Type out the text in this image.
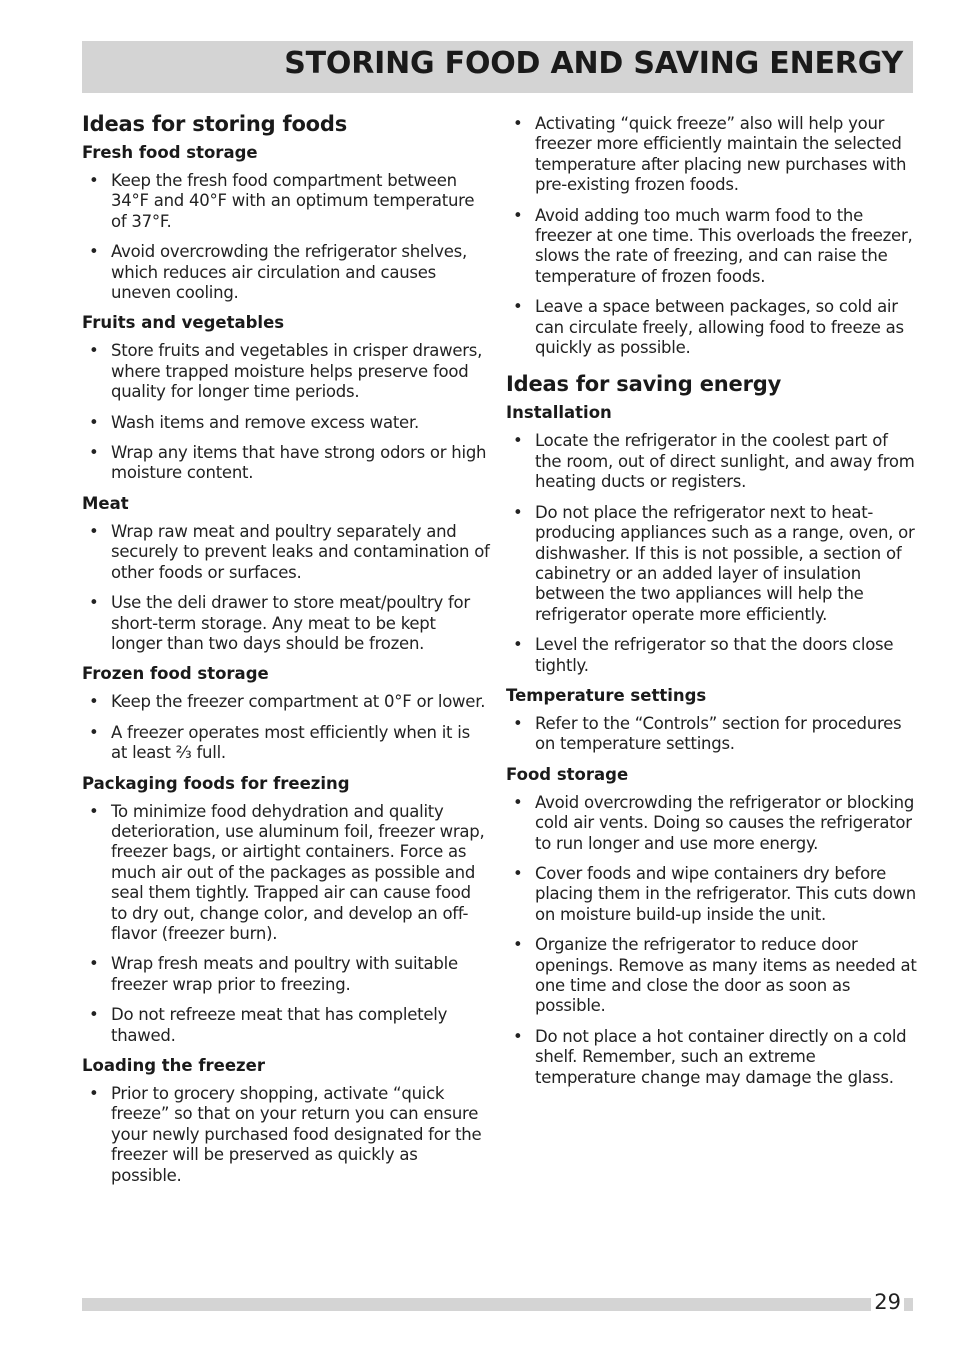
STORING FOOD AND SAVING ENERGY
Ideas for storing foods
Fresh food storage
• Keep the fresh food compartment between 34°F and 40°F with an optimum temperature of 37°F.
• Avoid overcrowding the refrigerator shelves, which reduces air circulation and causes uneven cooling.
Fruits and vegetables
• Store fruits and vegetables in crisper drawers, where trapped moisture helps preserve food quality for longer time periods.
• Wash items and remove excess water.
• Wrap any items that have strong odors or high moisture content.
Meat
• Wrap raw meat and poultry separately and securely to prevent leaks and contamination of other foods or surfaces.
• Use the deli drawer to store meat/poultry for short-term storage. Any meat to be kept longer than two days should be frozen.
Frozen food storage
• Keep the freezer compartment at 0°F or lower.
• A freezer operates most efficiently when it is at least ⅔ full.
Packaging foods for freezing
• To minimize food dehydration and quality deterioration, use aluminum foil, freezer wrap, freezer bags, or airtight containers. Force as much air out of the packages as possible and seal them tightly. Trapped air can cause food to dry out, change color, and develop an off-flavor (freezer burn).
• Wrap fresh meats and poultry with suitable freezer wrap prior to freezing.
• Do not refreeze meat that has completely thawed.
Loading the freezer
• Prior to grocery shopping, activate “quick freeze” so that on your return you can ensure your newly purchased food designated for the freezer will be preserved as quickly as possible.
• Activating “quick freeze” also will help your freezer more efficiently maintain the selected temperature after placing new purchases with pre-existing frozen foods.
• Avoid adding too much warm food to the freezer at one time. This overloads the freezer, slows the rate of freezing, and can raise the temperature of frozen foods.
• Leave a space between packages, so cold air can circulate freely, allowing food to freeze as quickly as possible.
Ideas for saving energy
Installation
• Locate the refrigerator in the coolest part of the room, out of direct sunlight, and away from heating ducts or registers.
• Do not place the refrigerator next to heat-producing appliances such as a range, oven, or dishwasher. If this is not possible, a section of cabinetry or an added layer of insulation between the two appliances will help the refrigerator operate more efficiently.
• Level the refrigerator so that the doors close tightly.
Temperature settings
• Refer to the “Controls” section for procedures on temperature settings.
Food storage
• Avoid overcrowding the refrigerator or blocking cold air vents. Doing so causes the refrigerator to run longer and use more energy.
• Cover foods and wipe containers dry before placing them in the refrigerator. This cuts down on moisture build-up inside the unit.
• Organize the refrigerator to reduce door openings. Remove as many items as needed at one time and close the door as soon as possible.
• Do not place a hot container directly on a cold shelf. Remember, such an extreme temperature change may damage the glass.
29
